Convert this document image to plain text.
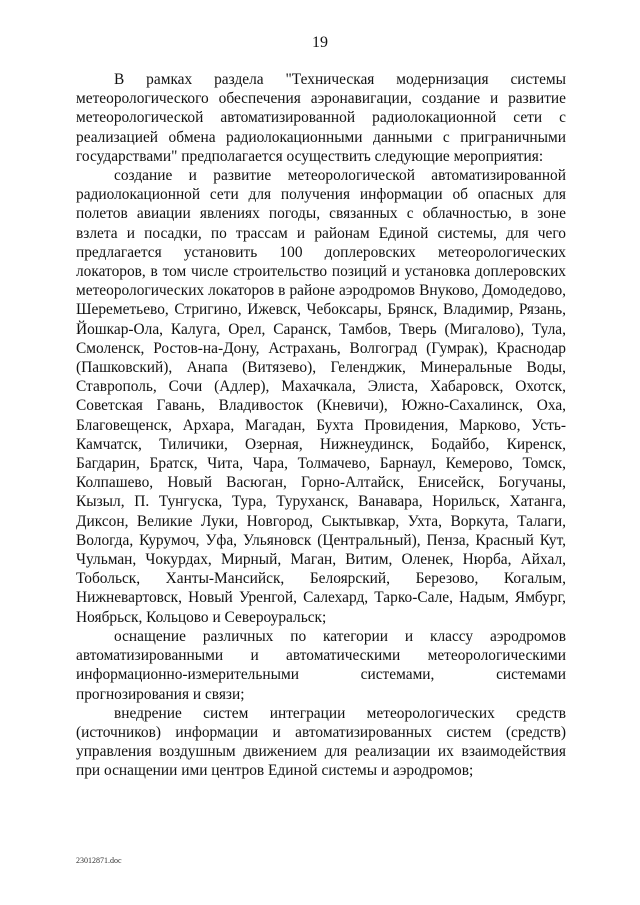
19

В рамках раздела "Техническая модернизация системы метеорологического обеспечения аэронавигации, создание и развитие метеорологической автоматизированной радиолокационной сети с реализацией обмена радиолокационными данными с приграничными государствами" предполагается осуществить следующие мероприятия:

создание и развитие метеорологической автоматизированной радиолокационной сети для получения информации об опасных для полетов авиации явлениях погоды, связанных с облачностью, в зоне взлета и посадки, по трассам и районам Единой системы, для чего предлагается установить 100 доплеровских метеорологических локаторов, в том числе строительство позиций и установка доплеровских метеорологических локаторов в районе аэродромов Внуково, Домодедово, Шереметьево, Стригино, Ижевск, Чебоксары, Брянск, Владимир, Рязань, Йошкар-Ола, Калуга, Орел, Саранск, Тамбов, Тверь (Мигалово), Тула, Смоленск, Ростов-на-Дону, Астрахань, Волгоград (Гумрак), Краснодар (Пашковский), Анапа (Витязево), Геленджик, Минеральные Воды, Ставрополь, Сочи (Адлер), Махачкала, Элиста, Хабаровск, Охотск, Советская Гавань, Владивосток (Кневичи), Южно-Сахалинск, Оха, Благовещенск, Архара, Магадан, Бухта Провидения, Марково, Усть-Камчатск, Тиличики, Озерная, Нижнеудинск, Бодайбо, Киренск, Багдарин, Братск, Чита, Чара, Толмачево, Барнаул, Кемерово, Томск, Колпашево, Новый Васюган, Горно-Алтайск, Енисейск, Богучаны, Кызыл, П. Тунгуска, Тура, Туруханск, Ванавара, Норильск, Хатанга, Диксон, Великие Луки, Новгород, Сыктывкар, Ухта, Воркута, Талаги, Вологда, Курумоч, Уфа, Ульяновск (Центральный), Пенза, Красный Кут, Чульман, Чокурдах, Мирный, Маган, Витим, Оленек, Нюрба, Айхал, Тобольск, Ханты-Мансийск, Белоярский, Березово, Когалым, Нижневартовск, Новый Уренгой, Салехард, Тарко-Сале, Надым, Ямбург, Ноябрьск, Кольцово и Североуральск;

оснащение различных по категории и классу аэродромов автоматизированными и автоматическими метеорологическими информационно-измерительными системами, системами прогнозирования и связи;

внедрение систем интеграции метеорологических средств (источников) информации и автоматизированных систем (средств) управления воздушным движением для реализации их взаимодействия при оснащении ими центров Единой системы и аэродромов;

23012871.doc
